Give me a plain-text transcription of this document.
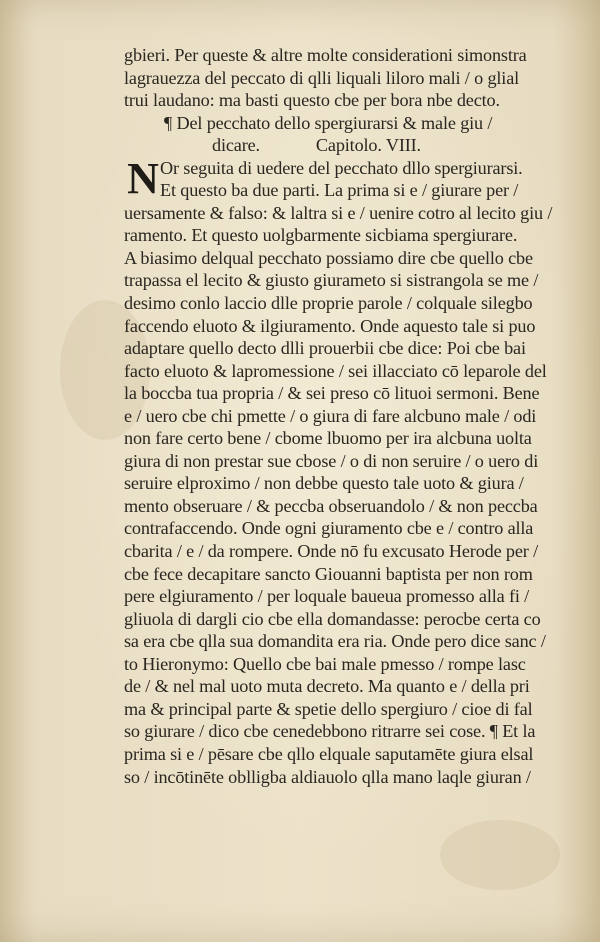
N
gbieri. Per queste & altre molte considerationi simonstra
lagrauezza del peccato di qlli liquali liloro mali / o glial
trui laudano: ma basti questo cbe per bora nbe decto.
¶ Del pecchato dello spergiurarsi & male giu /
dicare.	Capitolo. VIII.
Or seguita di uedere del pecchato dllo spergiurarsi.
Et questo ba due parti. La prima si e / giurare per /
uersamente & falso: & laltra si e / uenire cotro al lecito giu /
ramento. Et questo uolgbarmente sicbiama spergiurare.
A biasimo delqual pecchato possiamo dire cbe quello cbe
trapassa el lecito & giusto giurameto si sistrangola se me /
desimo conlo laccio dlle proprie parole / colquale silegbo
faccendo eluoto & ilgiuramento. Onde aquesto tale si puo
adaptare quello decto dlli prouerbii cbe dice: Poi cbe bai
facto eluoto & lapromessione / sei illacciato cō leparole del
la boccba tua propria / & sei preso cō lituoi sermoni. Bene
e / uero cbe chi pmette / o giura di fare alcbuno male / odi
non fare certo bene / cbome lbuomo per ira alcbuna uolta
giura di non prestar sue cbose / o di non seruire / o uero di
seruire elproximo / non debbe questo tale uoto & giura /
mento obseruare / & peccba obseruandolo / & non peccba
contrafaccendo. Onde ogni giuramento cbe e / contro alla
cbarita / e / da rompere. Onde nō fu excusato Herode per /
cbe fece decapitare sancto Giouanni baptista per non rom
pere elgiuramento / per loquale baueua promesso alla fi /
gliuola di dargli cio cbe ella domandasse: perocbe certa co
sa era cbe qlla sua domandita era ria. Onde pero dice sanc /
to Hieronymo: Quello cbe bai male pmesso / rompe lasc
de / & nel mal uoto muta decreto. Ma quanto e / della pri
ma & principal parte & spetie dello spergiuro / cioe di fal
so giurare / dico cbe cenedebbono ritrarre sei cose. ¶ Et la
prima si e / pēsare cbe qllo elquale saputamēte giura elsal
so / incōtinēte oblligba aldiauolo qlla mano laqle giuran /
